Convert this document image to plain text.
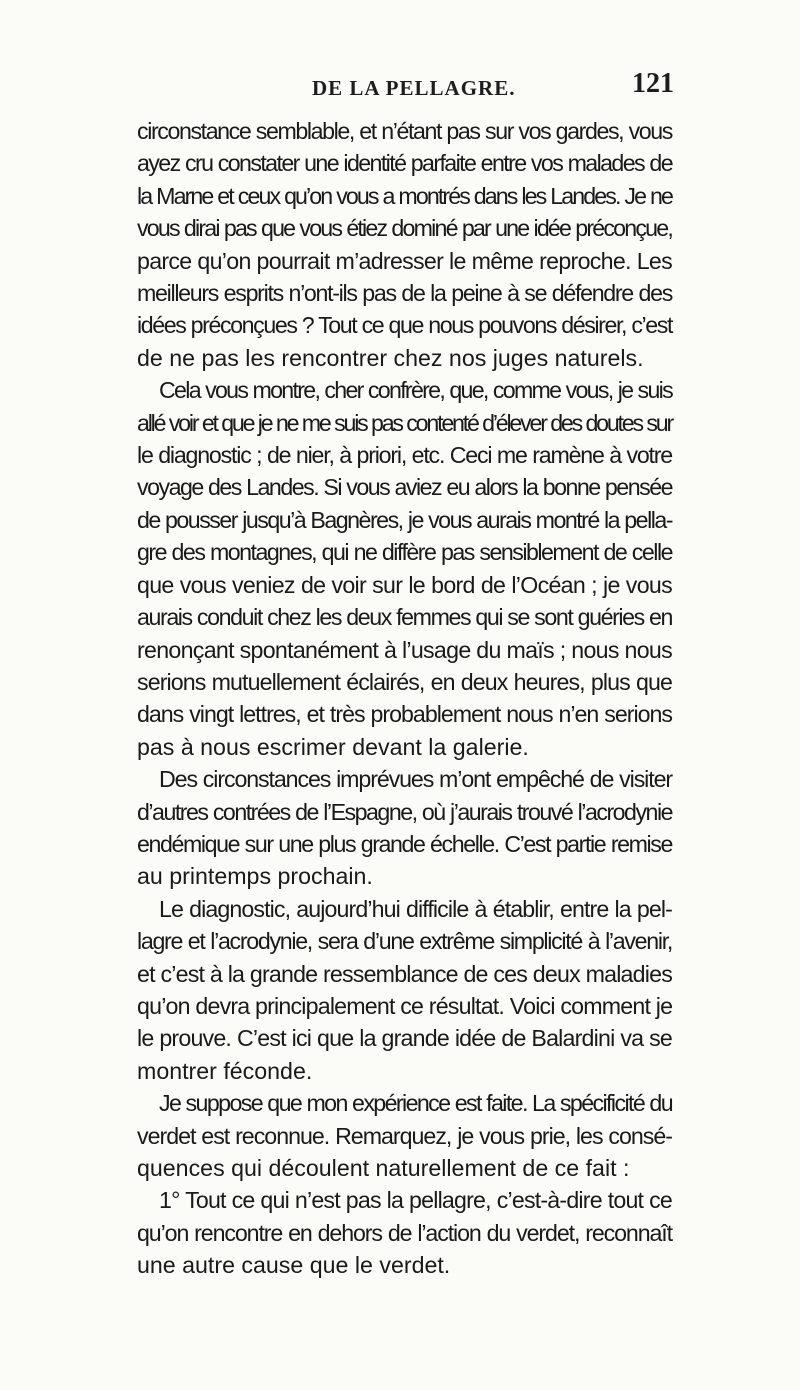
DE LA PELLAGRE.	121

circonstance semblable, et n’étant pas sur vos gardes, vous
ayez cru constater une identité parfaite entre vos malades de
la Marne et ceux qu’on vous a montrés dans les Landes. Je ne
vous dirai pas que vous étiez dominé par une idée préconçue,
parce qu’on pourrait m’adresser le même reproche. Les
meilleurs esprits n’ont-ils pas de la peine à se défendre des
idées préconçues ? Tout ce que nous pouvons désirer, c’est
de ne pas les rencontrer chez nos juges naturels.

Cela vous montre, cher confrère, que, comme vous, je suis
allé voir et que je ne me suis pas contenté d’élever des doutes sur
le diagnostic ; de nier, à priori, etc. Ceci me ramène à votre
voyage des Landes. Si vous aviez eu alors la bonne pensée
de pousser jusqu’à Bagnères, je vous aurais montré la pella-
gre des montagnes, qui ne diffère pas sensiblement de celle
que vous veniez de voir sur le bord de l’Océan ; je vous
aurais conduit chez les deux femmes qui se sont guéries en
renonçant spontanément à l’usage du maïs ; nous nous
serions mutuellement éclairés, en deux heures, plus que
dans vingt lettres, et très probablement nous n’en serions
pas à nous escrimer devant la galerie.

Des circonstances imprévues m’ont empêché de visiter
d’autres contrées de l’Espagne, où j’aurais trouvé l’acrodynie
endémique sur une plus grande échelle. C’est partie remise
au printemps prochain.

Le diagnostic, aujourd’hui difficile à établir, entre la pel-
lagre et l’acrodynie, sera d’une extrême simplicité à l’avenir,
et c’est à la grande ressemblance de ces deux maladies
qu’on devra principalement ce résultat. Voici comment je
le prouve. C’est ici que la grande idée de Balardini va se
montrer féconde.

Je suppose que mon expérience est faite. La spécificité du
verdet est reconnue. Remarquez, je vous prie, les consé-
quences qui découlent naturellement de ce fait :

1° Tout ce qui n’est pas la pellagre, c’est-à-dire tout ce
qu’on rencontre en dehors de l’action du verdet, reconnaît
une autre cause que le verdet.
